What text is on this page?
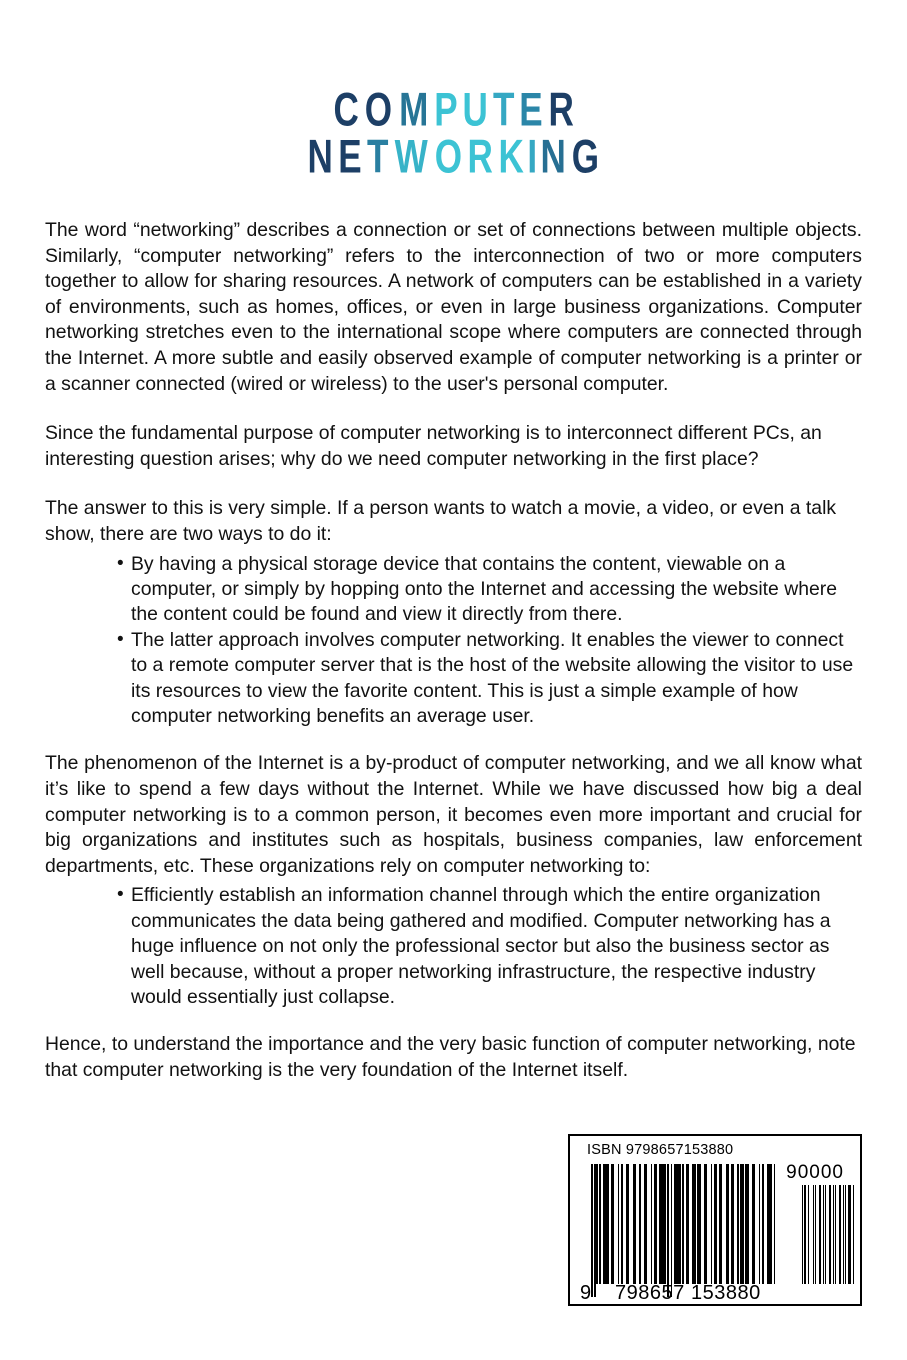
C O M P U T E R
N E T W O R KIN G

The word “networking” describes a connection or set of connections between multiple objects. Similarly, “computer networking” refers to the interconnection of two or more computers together to allow for sharing resources. A network of computers can be established in a variety of environments, such as homes, offices, or even in large business organizations. Computer networking stretches even to the international scope where computers are connected through the Internet. A more subtle and easily observed example of computer networking is a printer or a scanner connected (wired or wireless) to the user's personal computer.

Since the fundamental purpose of computer networking is to interconnect different PCs, an interesting question arises; why do we need computer networking in the first place?

The answer to this is very simple. If a person wants to watch a movie, a video, or even a talk show, there are two ways to do it:

• By having a physical storage device that contains the content, viewable on a computer, or simply by hopping onto the Internet and accessing the website where the content could be found and view it directly from there.
• The latter approach involves computer networking. It enables the viewer to connect to a remote computer server that is the host of the website allowing the visitor to use its resources to view the favorite content. This is just a simple example of how computer networking benefits an average user.

The phenomenon of the Internet is a by-product of computer networking, and we all know what it’s like to spend a few days without the Internet. While we have discussed how big a deal computer networking is to a common person, it becomes even more important and crucial for big organizations and institutes such as hospitals, business companies, law enforcement departments, etc. These organizations rely on computer networking to:

• Efficiently establish an information channel through which the entire organization communicates the data being gathered and modified. Computer networking has a huge influence on not only the professional sector but also the business sector as well because, without a proper networking infrastructure, the respective industry would essentially just collapse.

Hence, to understand the importance and the very basic function of computer networking, note that computer networking is the very foundation of the Internet itself.

ISBN 9798657153880
90000
9 798657 153880
